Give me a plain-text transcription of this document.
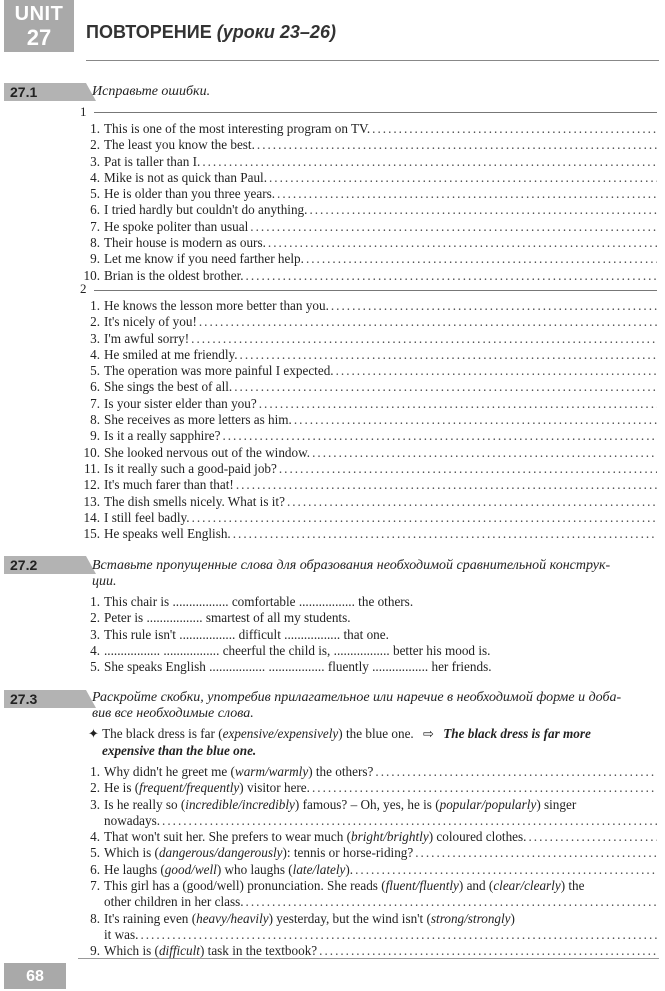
UNIT
27	ПОВТОРЕНИЕ (уроки 23–26)
27.1	Исправьте ошибки.
1
1. This is one of the most interesting program on TV.
.....
2. The least you know the best.
.....
3. Pat is taller than I.
.....
4. Mike is not as quick than Paul.
.....
5. He is older than you three years.
.....
6. I tried hardly but couldn't do anything.
.....
7. He spoke politer than usual
.....
8. Their house is modern as ours.
.....
9. Let me know if you need farther help.
.....
10. Brian is the oldest brother.
.....
2
1. He knows the lesson more better than you.
.....
2. It's nicely of you!
.....
3. I'm awful sorry!
.....
4. He smiled at me friendly.
.....
5. The operation was more painful I expected.
.....
6. She sings the best of all.
.....
7. Is your sister elder than you?
.....
8. She receives as more letters as him.
.....
9. Is it a really sapphire?
.....
10. She looked nervous out of the window.
.....
11. Is it really such a good-paid job?
.....
12. It's much farer than that!
.....
13. The dish smells nicely. What is it?
.....
14. I still feel badly.
.....
15. He speaks well English.
.....
27.2	Вставьте пропущенные слова для образования необходимой сравнительной конструк-
ции.
1. This chair is ................. comfortable ................. the others.
2. Peter is ................. smartest of all my students.
3. This rule isn't ................. difficult ................. that one.
4. ................. ................. cheerful the child is, ................. better his mood is.
5. She speaks English ................. ................. fluently ................. her friends.
27.3	Раскройте скобки, употребив прилагательное или наречие в необходимой форме и доба-
вив все необходимые слова.
✦ The black dress is far (expensive/expensively) the blue one. ⇨ The black dress is far more
expensive than the blue one.
1. Why didn't he greet me (warm/warmly) the others?
.....
2. He is (frequent/frequently) visitor here.
.....
3. Is he really so (incredible/incredibly) famous? – Oh, yes, he is (popular/popularly) singer
nowadays.
.....
4. That won't suit her. She prefers to wear much (bright/brightly) coloured clothes.
.....
5. Which is (dangerous/dangerously): tennis or horse-riding?
.....
6. He laughs (good/well) who laughs (late/lately).
.....
7. This girl has a (good/well) pronunciation. She reads (fluent/fluently) and (clear/clearly) the
other children in her class.
.....
8. It's raining even (heavy/heavily) yesterday, but the wind isn't (strong/strongly)
it was.
.....
9. Which is (difficult) task in the textbook?
.....
68
